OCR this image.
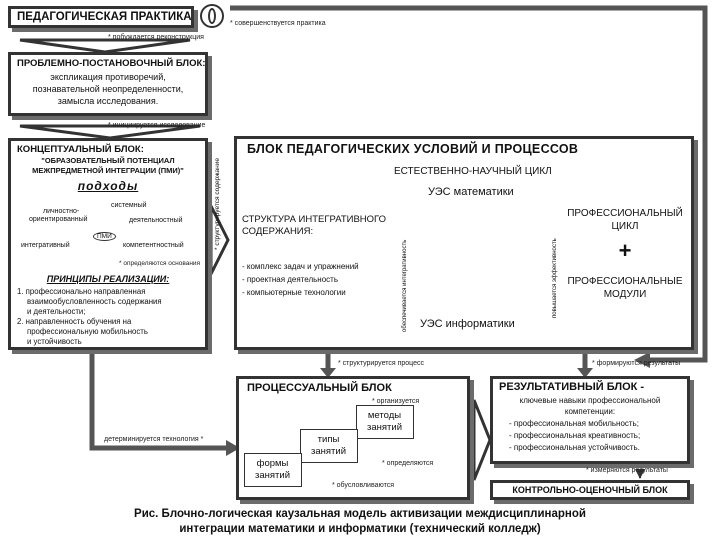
ПЕДАГОГИЧЕСКАЯ ПРАКТИКА
* совершенствуется практика
* побуждается реконструкция
ПРОБЛЕМНО-ПОСТАНОВОЧНЫЙ БЛОК:
экспликация противоречий,
познавательной неопределенности,
замысла исследования.
* инициируется исследование
КОНЦЕПТУАЛЬНЫЙ БЛОК:
"ОБРАЗОВАТЕЛЬНЫЙ ПОТЕНЦИАЛ
МЕЖПРЕДМЕТНОЙ ИНТЕГРАЦИИ (ПМИ)"
подходы
системный
личностно-
ориентированный	деятельностный
ПМИ
интегративный	компетентностный
* определяются основания
ПРИНЦИПЫ РЕАЛИЗАЦИИ:
1. профессионально направленная
взаимообусловленность содержания
и деятельности;
2. направленность обучения на
профессиональную мобильность
и устойчивость
* структурируется содержание
БЛОК ПЕДАГОГИЧЕСКИХ УСЛОВИЙ И ПРОЦЕССОВ
ЕСТЕСТВЕННО-НАУЧНЫЙ ЦИКЛ
УЭС математики
УЭС информатики
СТРУКТУРА ИНТЕГРАТИВНОГО
СОДЕРЖАНИЯ:
- комплекс задач и упражнений
- проектная деятельность
- компьютерные технологии	обеспечивается интегративность	повышается эффективность
ПРОФЕССИОНАЛЬНЫЙ
ЦИКЛ
+
ПРОФЕССИОНАЛЬНЫЕ
МОДУЛИ
* структурируется процесс	* формируются результаты
ПРОЦЕССУАЛЬНЫЙ БЛОК
* организуется
методы
занятий
типы
занятий
формы
занятий
* определяются
* обусловливаются
детерминируется технология *
РЕЗУЛЬТАТИВНЫЙ БЛОК -
ключевые навыки профессиональной
компетенции:
- профессиональная мобильность;
- профессиональная креативность;
- профессиональная устойчивость.
* измеряются результаты
КОНТРОЛЬНО-ОЦЕНОЧНЫЙ БЛОК
Рис. Блочно-логическая каузальная модель активизации междисциплинарной
интеграции математики и информатики (технический колледж)
